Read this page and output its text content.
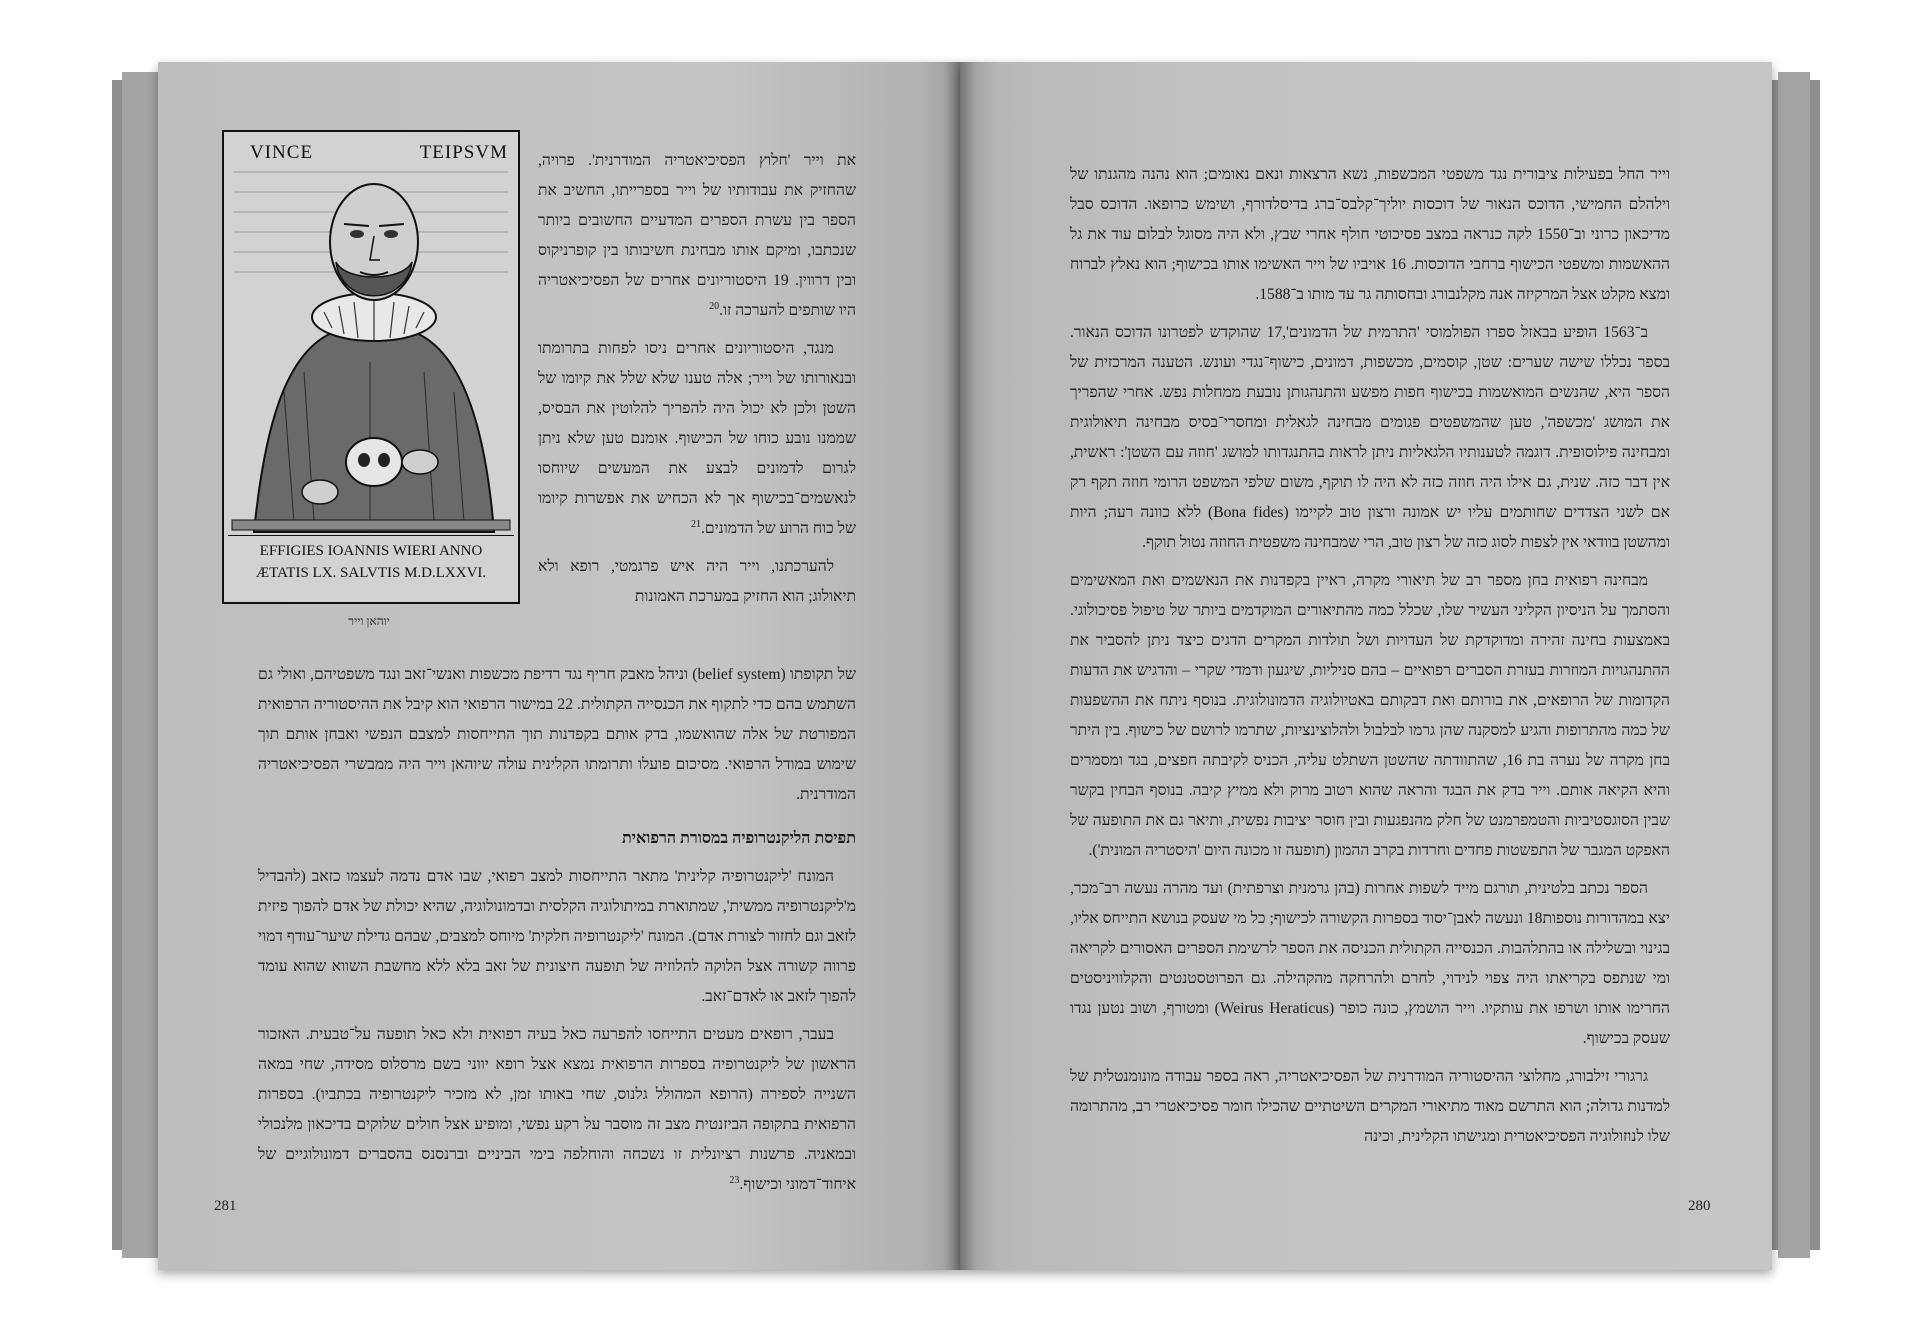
VINCE	TEIPSVM
EFFIGIES IOANNIS WIERI ANNO
ÆTATIS LX. SALVTIS M.D.LXXVI.
יוהאן וייר

את וייר 'חלוץ הפסיכיאטריה המודרנית'. פרויה, שהחזיק את עבודותיו של וייר בספרייתו, החשיב את הספר בין עשרת הספרים המדעיים החשובים ביותר שנכתבו, ומיקם אותו מבחינת חשיבותו בין קופרניקוס ובין דרווין. 19 היסטוריונים אחרים של הפסיכיאטריה היו שותפים להערכה זו.$^{20}$

מנגד, היסטוריונים אחרים ניסו לפחות בתרומתו ובנאורותו של וייר; אלה טענו שלא שלל את קיומו של השטן ולכן לא יכול היה להפריך להלוטין את הבסיס, שממנו נובע כוחו של הכישוף. אומנם טען שלא ניתן לגרום לדמונים לבצע את המעשים שיוחסו לנאשמים־בכישוף אך לא הכחיש את אפשרות קיומו של כוח הרוע של הדמונים.$^{21}$

להערכתנו, וייר היה איש פרגמטי, רופא ולא תיאולוג; הוא החזיק במערכת האמונות

של תקופתו (belief system) וניהל מאבק חריף נגד רדיפת מכשפות ואנשי־זאב ונגד משפטיהם, ואולי גם השתמש בהם כדי לתקוף את הכנסייה הקתולית. 22 במישור הרפואי הוא קיבל את ההיסטוריה הרפואית המפורטת של אלה שהואשמו, בדק אותם בקפדנות תוך התייחסות למצבם הנפשי ואבחן אותם תוך שימוש במודל הרפואי. מסיכום פועלו ותרומתו הקלינית עולה שיוהאן וייר היה ממבשרי הפסיכיאטריה המודרנית.

תפיסת הליקנטרופיה במסורת הרפואית

המונח 'ליקנטרופיה קלינית' מתאר התייחסות למצב רפואי, שבו אדם נדמה לעצמו כזאב (להבדיל מ'ליקנטרופיה ממשית', שמתוארת במיתולוגיה הקלסית ובדמונולוגיה, שהיא יכולת של אדם להפוך פיזית לזאב וגם לחזור לצורת אדם). המונח 'ליקנטרופיה חלקית' מיוחס למצבים, שבהם גדילת שיער־עודף דמוי פרווה קשורה אצל הלוקה להלוזיה של תופעה חיצונית של זאב בלא ללא מחשבת השווא שהוא עומד להפוך לזאב או לאדם־זאב.

בעבר, רופאים מעטים התייחסו להפרעה כאל בעיה רפואית ולא כאל תופעה על־טבעית. האזכור הראשון של ליקנטרופיה בספרות הרפואית נמצא אצל רופא יווני בשם מרסלוס מסידה, שחי במאה השנייה לספירה (הרופא המהולל גלנוס, שחי באותו זמן, לא מזכיר ליקנטרופיה בכתביו). בספרות הרפואית בתקופה הביזנטית מצב זה מוסבר על רקע נפשי, ומופיע אצל חולים שלוקים בדיכאון מלנכולי ובמאניה. פרשנות רציונלית זו נשכחה והוחלפה בימי הביניים וברנסנס בהסברים דמונולוגיים של איחוד־דמוני וכישוף.$^{23}$

וייר החל בפעילות ציבורית נגד משפטי המכשפות, נשא הרצאות ונאם נאומים; הוא נהנה מהגנתו של וילהלם החמישי, הדוכס הנאור של דוכסות יוליך־קלבס־ברג בדיסלדורף, ושימש כרופאו. הדוכס סבל מדיכאון כרוני וב־1550 לקה כנראה במצב פסיכוטי חולף אחרי שבץ, ולא היה מסוגל לבלום עוד את גל ההאשמות ומשפטי הכישוף ברחבי הדוכסות. 16 אויביו של וייר האשימו אותו בכישוף; הוא נאלץ לברוח ומצא מקלט אצל המרקיזה אנה מקלנבורג ובחסותה גר עד מותו ב־1588.

ב־1563 הופיע בבאזל ספרו הפולמוסי 'התרמית של הדמונים',17 שהוקדש לפטרונו הדוכס הנאור. בספר נכללו שישה שערים: שטן, קוסמים, מכשפות, דמונים, כישוף־נגדי ועונש. הטענה המרכזית של הספר היא, שהנשים המואשמות בכישוף חפות מפשע והתנהגותן נובעת ממחלות נפש. אחרי שהפריך את המושג 'מכשפה', טען שהמשפטים פגומים מבחינה לגאלית ומחסרי־בסיס מבחינה תיאולוגית ומבחינה פילוסופית. דוגמה לטענותיו הלגאליות ניתן לראות בהתנגדותו למושג 'חוזה עם השטן': ראשית, אין דבר כזה. שנית, גם אילו היה חוזה כזה לא היה לו תוקף, משום שלפי המשפט הרומי חוזה תקף רק אם לשני הצדדים שחותמים עליו יש אמונה ורצון טוב לקיימו (Bona fides) ללא כוונה רעה; היות ומהשטן בוודאי אין לצפות לסוג כזה של רצון טוב, הרי שמבחינה משפטית החוזה נטול תוקף.

מבחינה רפואית בחן מספר רב של תיאורי מקרה, ראיין בקפדנות את הנאשמים ואת המאשימים והסתמך על הניסיון הקליני העשיר שלו, שכלל כמה מהתיאורים המוקדמים ביותר של טיפול פסיכולוגי. באמצעות בחינה זהירה ומדוקדקת של העדויות ושל תולדות המקרים הדגים כיצד ניתן להסביר את ההתנהגויות המוזרות בעזרת הסברים רפואיים – בהם סניליות, שיגעון ודמדי שקרי – והדגיש את הדעות הקדומות של הרופאים, את בורותם ואת דבקותם באטיולוגיה הדמונולוגית. בנוסף ניתח את ההשפעות של כמה מהתרופות והגיע למסקנה שהן גרמו לבלבול ולהלוצינציות, שתרמו לרושם של כישוף. בין היתר בחן מקרה של נערה בת 16, שהתוודתה שהשטן השתלט עליה, הכניס לקיבתה חפצים, בגד ומסמרים והיא הקיאה אותם. וייר בדק את הבגד והראה שהוא רטוב מרוק ולא ממיץ קיבה. בנוסף הבחין בקשר שבין הסוגסטיביות והטמפרמנט של חלק מהנפגעות ובין חוסר יציבות נפשית, ותיאר גם את התופעה של האפקט המגבר של התפשטות פחדים וחרדות בקרב ההמון (תופעה זו מכונה היום 'היסטריה המונית').

הספר נכתב בלטינית, תורגם מייד לשפות אחרות (בהן גרמנית וצרפתית) ועד מהרה נעשה רב־מכר, יצא במהדורות נוספות18 ונעשה לאבן־יסוד בספרות הקשורה לכישוף; כל מי שעסק בנושא התייחס אליו, בגינוי ובשלילה או בהתלהבות. הכנסייה הקתולית הכניסה את הספר לרשימת הספרים האסורים לקריאה ומי שנתפס בקריאתו היה צפוי לנידוי, לחרם ולהרחקה מהקהילה. גם הפרוטסטנטים והקלוויניסטים החרימו אותו ושרפו את עותקיו. וייר הושמץ, כונה כופר (Weirus Heraticus) ומטורף, ושוב נטען נגדו שעסק בכישוף.

גרגורי זילבורג, מחלוצי ההיסטוריה המודרנית של הפסיכיאטריה, ראה בספר עבודה מונומנטלית של למדנות גדולה; הוא התרשם מאוד מתיאורי המקרים השיטתיים שהכילו חומר פסיכיאטרי רב, מהתרומה שלו לנוזולוגיה הפסיכיאטרית ומגישתו הקלינית, וכינה

281	280
